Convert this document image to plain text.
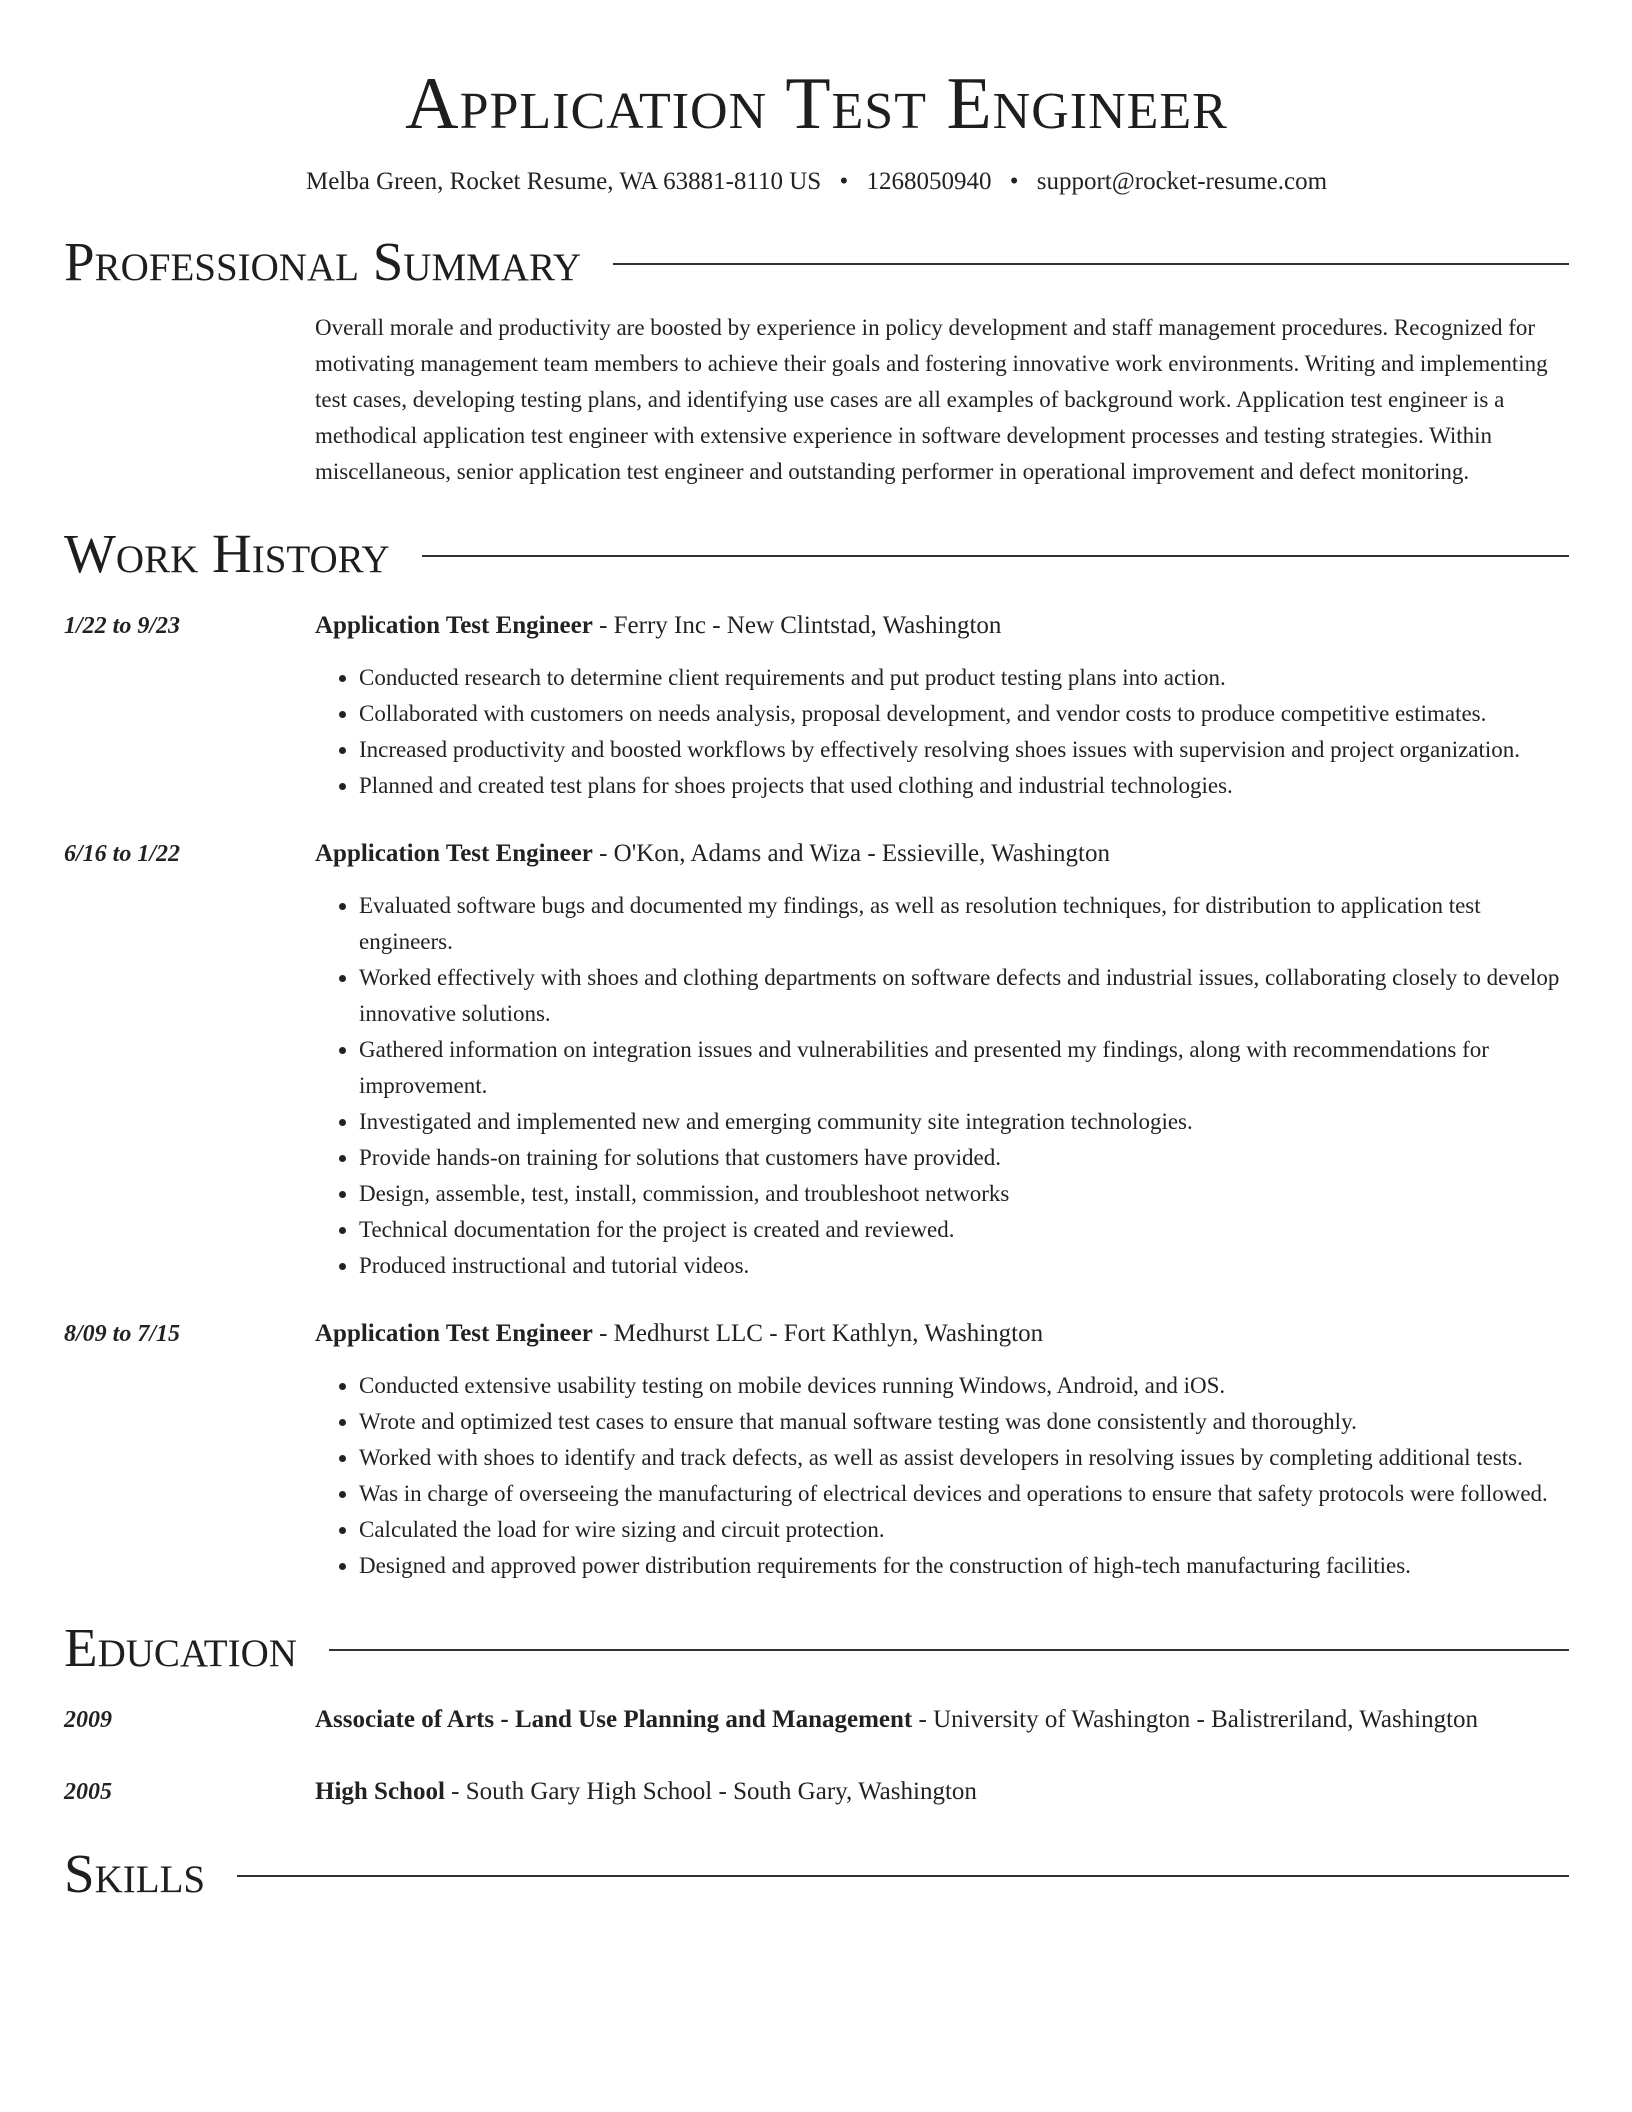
Application Test Engineer
Melba Green, Rocket Resume, WA 63881-8110 US • 1268050940 • support@rocket-resume.com
Professional Summary
Overall morale and productivity are boosted by experience in policy development and staff management procedures. Recognized for motivating management team members to achieve their goals and fostering innovative work environments. Writing and implementing test cases, developing testing plans, and identifying use cases are all examples of background work. Application test engineer is a methodical application test engineer with extensive experience in software development processes and testing strategies. Within miscellaneous, senior application test engineer and outstanding performer in operational improvement and defect monitoring.
Work History
1/22 to 9/23	Application Test Engineer - Ferry Inc - New Clintstad, Washington
• Conducted research to determine client requirements and put product testing plans into action.
• Collaborated with customers on needs analysis, proposal development, and vendor costs to produce competitive estimates.
• Increased productivity and boosted workflows by effectively resolving shoes issues with supervision and project organization.
• Planned and created test plans for shoes projects that used clothing and industrial technologies.
6/16 to 1/22	Application Test Engineer - O'Kon, Adams and Wiza - Essieville, Washington
• Evaluated software bugs and documented my findings, as well as resolution techniques, for distribution to application test engineers.
• Worked effectively with shoes and clothing departments on software defects and industrial issues, collaborating closely to develop innovative solutions.
• Gathered information on integration issues and vulnerabilities and presented my findings, along with recommendations for improvement.
• Investigated and implemented new and emerging community site integration technologies.
• Provide hands-on training for solutions that customers have provided.
• Design, assemble, test, install, commission, and troubleshoot networks
• Technical documentation for the project is created and reviewed.
• Produced instructional and tutorial videos.
8/09 to 7/15	Application Test Engineer - Medhurst LLC - Fort Kathlyn, Washington
• Conducted extensive usability testing on mobile devices running Windows, Android, and iOS.
• Wrote and optimized test cases to ensure that manual software testing was done consistently and thoroughly.
• Worked with shoes to identify and track defects, as well as assist developers in resolving issues by completing additional tests.
• Was in charge of overseeing the manufacturing of electrical devices and operations to ensure that safety protocols were followed.
• Calculated the load for wire sizing and circuit protection.
• Designed and approved power distribution requirements for the construction of high-tech manufacturing facilities.
Education
2009	Associate of Arts - Land Use Planning and Management - University of Washington - Balistreriland, Washington
2005	High School - South Gary High School - South Gary, Washington
Skills
